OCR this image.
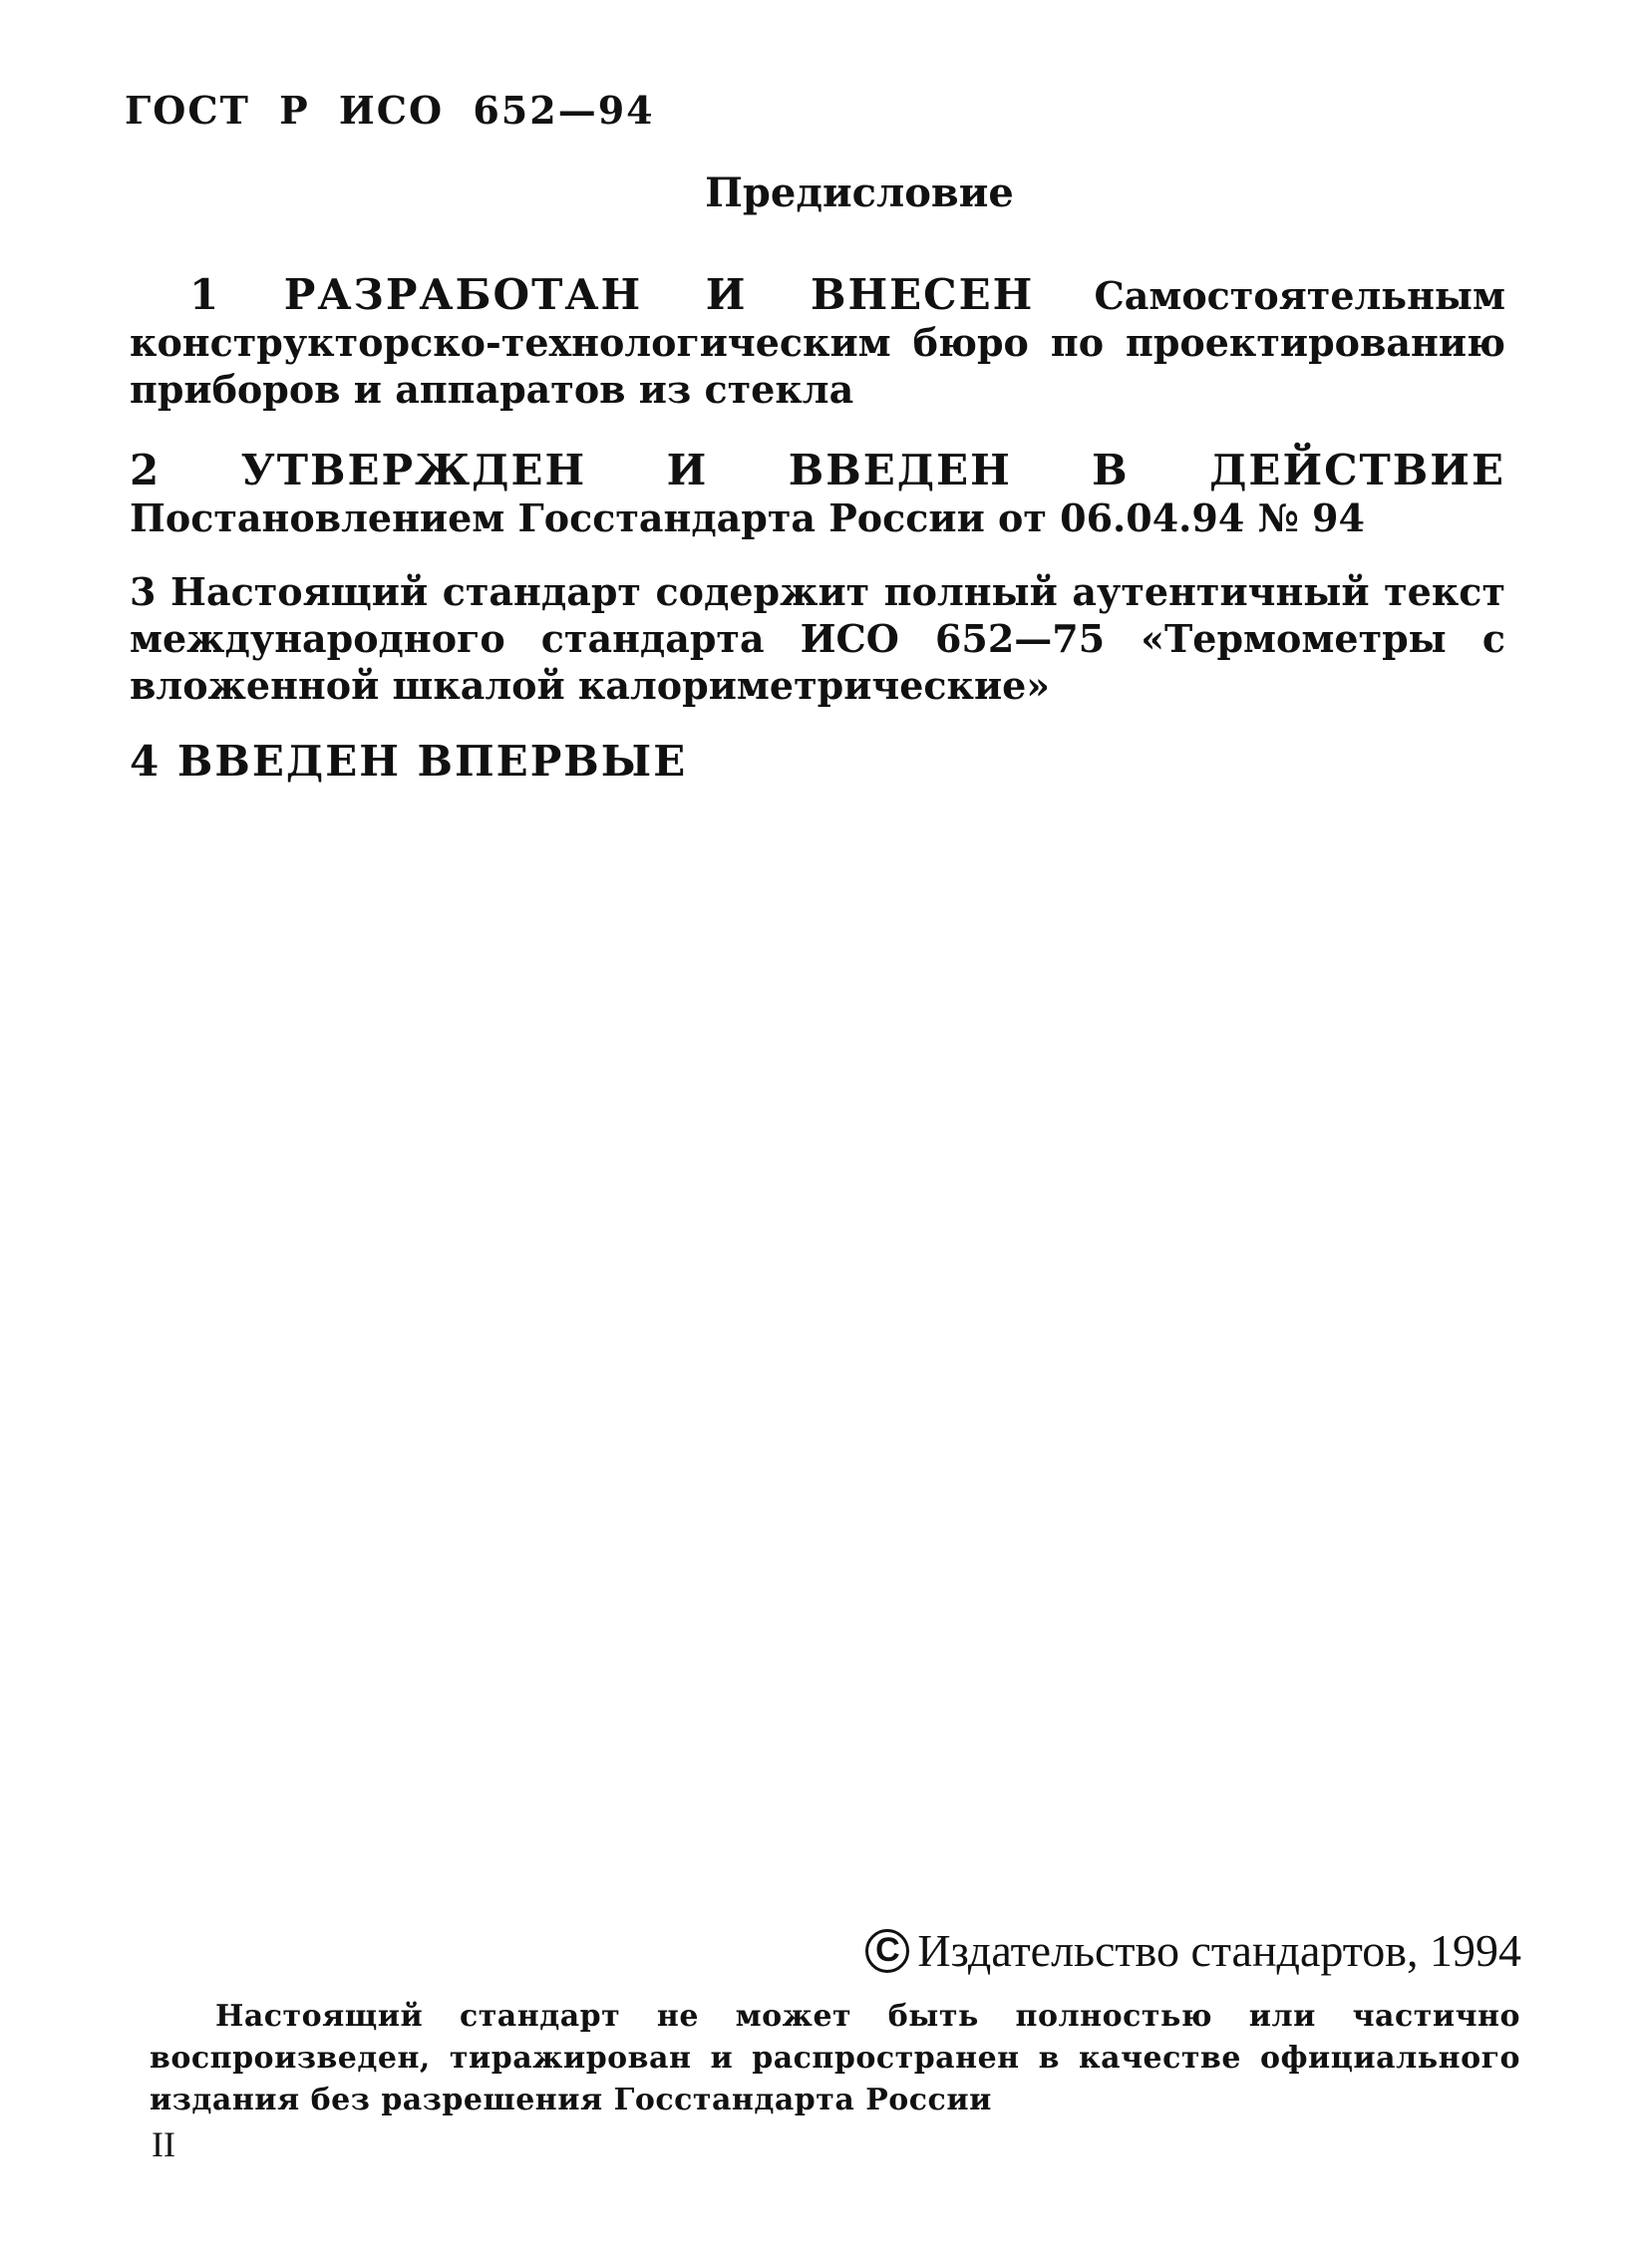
ГОСТ Р ИСО 652—94
Предисловие
1 РАЗРАБОТАН И ВНЕСЕН Самостоятельным конструкторско-технологическим бюро по проектированию приборов и аппаратов из стекла
2 УТВЕРЖДЕН И ВВЕДЕН В ДЕЙСТВИЕ Постановлением Госстандарта России от 06.04.94 № 94
3 Настоящий стандарт содержит полный аутентичный текст международного стандарта ИСО 652—75 «Термометры с вложенной шкалой калориметрические»
4 ВВЕДЕН ВПЕРВЫЕ
C Издательство стандартов, 1994
Настоящий стандарт не может быть полностью или частично воспроизведен, тиражирован и распространен в качестве официального издания без разрешения Госстандарта России
II
